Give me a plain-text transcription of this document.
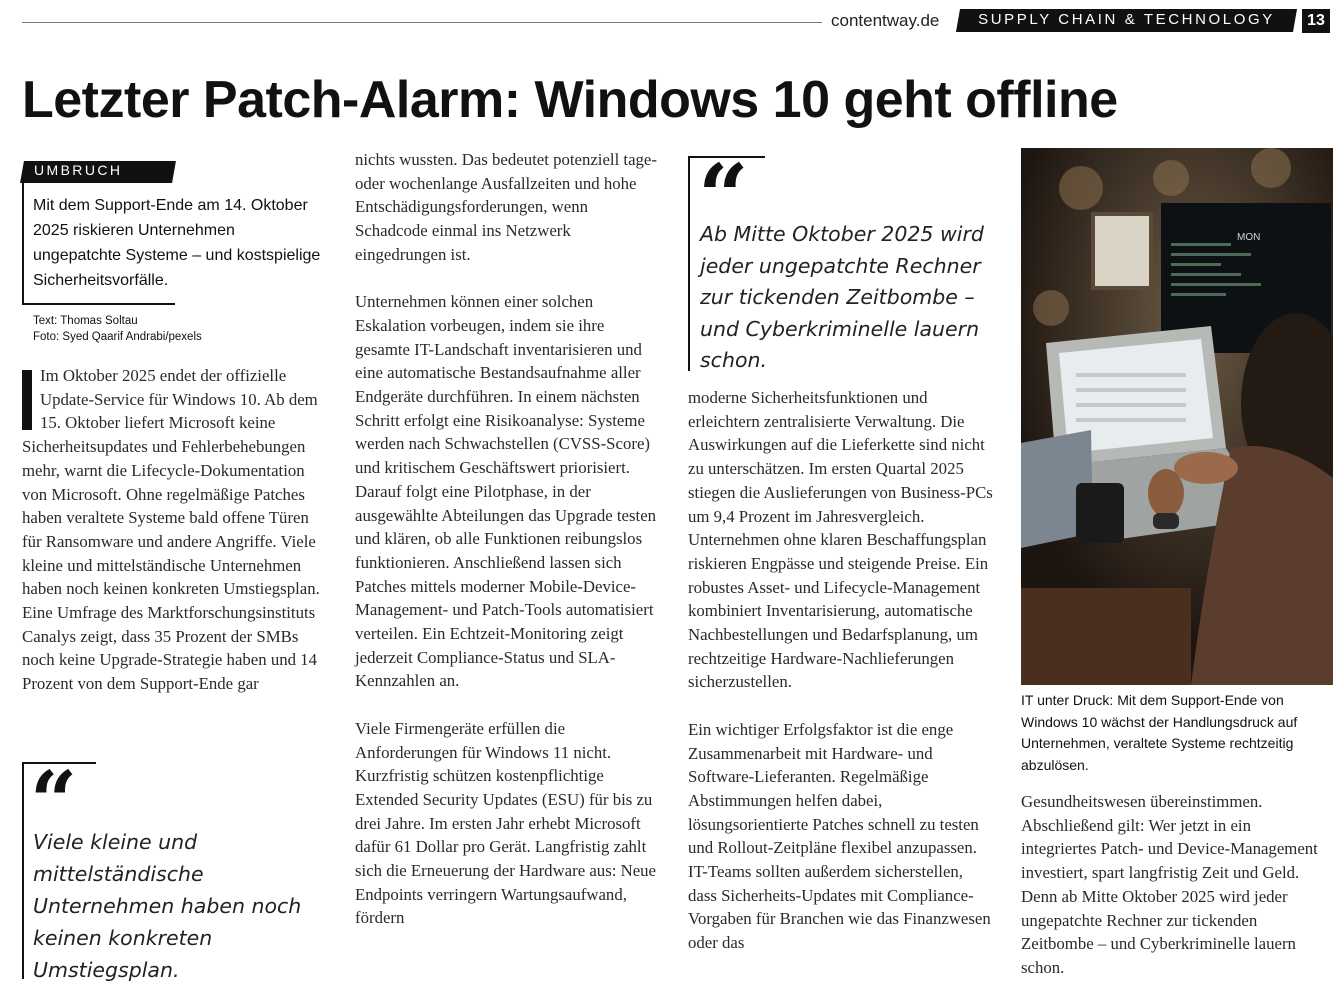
contentway.de	SUPPLY CHAIN & TECHNOLOGY	13
Letzter Patch-Alarm: Windows 10 geht offline
UMBRUCH

Mit dem Support-Ende am 14. Oktober 2025 riskieren Unternehmen ungepatchte Systeme – und kostspielige Sicherheitsvorfälle.

Text: Thomas Soltau
Foto: Syed Qaarif Andrabi/pexels

Im Oktober 2025 endet der offizielle Update-Service für Windows 10. Ab dem 15. Oktober liefert Microsoft keine Sicherheitsupdates und Fehlerbehebungen mehr, warnt die Lifecycle-Dokumentation von Microsoft. Ohne regelmäßige Patches haben veraltete Systeme bald offene Türen für Ransomware und andere Angriffe. Viele kleine und mittelständische Unternehmen haben noch keinen konkreten Umstiegsplan. Eine Umfrage des Marktforschungsinstituts Canalys zeigt, dass 35 Prozent der SMBs noch keine Upgrade-Strategie haben und 14 Prozent von dem Support-Ende gar

nichts wussten. Das bedeutet potenziell tage- oder wochenlange Ausfallzeiten und hohe Entschädigungsforderungen, wenn Schadcode einmal ins Netzwerk eingedrungen ist.

Unternehmen können einer solchen Eskalation vorbeugen, indem sie ihre gesamte IT-Landschaft inventarisieren und eine automatische Bestandsaufnahme aller Endgeräte durchführen. In einem nächsten Schritt erfolgt eine Risikoanalyse: Systeme werden nach Schwachstellen (CVSS-Score) und kritischem Geschäftswert priorisiert. Darauf folgt eine Pilotphase, in der ausgewählte Abteilungen das Upgrade testen und klären, ob alle Funktionen reibungslos funktionieren. Anschließend lassen sich Patches mittels moderner Mobile-Device-Management- und Patch-Tools automatisiert verteilen. Ein Echtzeit-Monitoring zeigt jederzeit Compliance-Status und SLA-Kennzahlen an.

Viele Firmengeräte erfüllen die Anforderungen für Windows 11 nicht. Kurzfristig schützen kostenpflichtige Extended Security Updates (ESU) für bis zu drei Jahre. Im ersten Jahr erhebt Microsoft dafür 61 Dollar pro Gerät. Langfristig zahlt sich die Erneuerung der Hardware aus: Neue Endpoints verringern Wartungsaufwand, fördern

“

Ab Mitte Oktober 2025 wird jeder ungepatchte Rechner zur tickenden Zeitbombe – und Cyberkriminelle lauern schon.

moderne Sicherheitsfunktionen und erleichtern zentralisierte Verwaltung. Die Auswirkungen auf die Lieferkette sind nicht zu unterschätzen. Im ersten Quartal 2025 stiegen die Auslieferungen von Business-PCs um 9,4 Prozent im Jahresvergleich. Unternehmen ohne klaren Beschaffungsplan riskieren Engpässe und steigende Preise. Ein robustes Asset- und Lifecycle-Management kombiniert Inventarisierung, automatische Nachbestellungen und Bedarfsplanung, um rechtzeitige Hardware-Nachlieferungen sicherzustellen.

Ein wichtiger Erfolgsfaktor ist die enge Zusammenarbeit mit Hardware- und Software-Lieferanten. Regelmäßige Abstimmungen helfen dabei, lösungsorientierte Patches schnell zu testen und Rollout-Zeitpläne flexibel anzupassen. IT-Teams sollten außerdem sicherstellen, dass Sicherheits-Updates mit Compliance-Vorgaben für Branchen wie das Finanzwesen oder das

“

Viele kleine und mittelständische Unternehmen haben noch keinen konkreten Umstiegsplan.

MON

IT unter Druck: Mit dem Support-Ende von Windows 10 wächst der Handlungsdruck auf Unternehmen, veraltete Systeme rechtzeitig abzulösen.

Gesundheitswesen übereinstimmen. Abschließend gilt: Wer jetzt in ein integriertes Patch- und Device-Management investiert, spart langfristig Zeit und Geld. Denn ab Mitte Oktober 2025 wird jeder ungepatchte Rechner zur tickenden Zeitbombe – und Cyberkriminelle lauern schon.
